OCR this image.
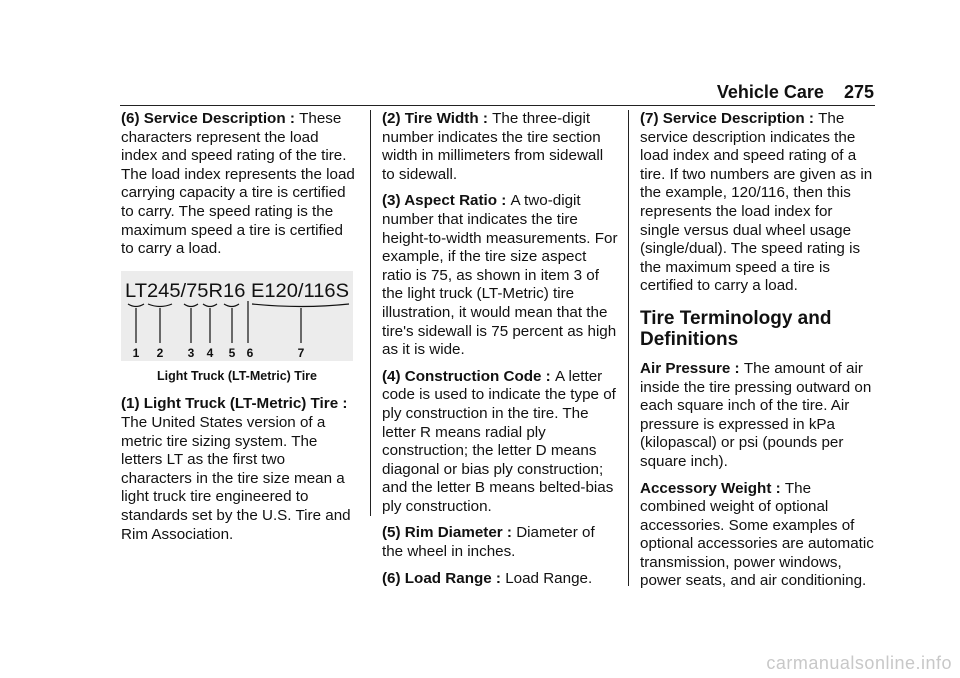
Vehicle Care 275

(6) Service Description : These characters represent the load index and speed rating of the tire. The load index represents the load carrying capacity a tire is certified to carry. The speed rating is the maximum speed a tire is certified to carry a load.

LT245/75R16 E120/116S
1 2 3 4 5 6	7
Light Truck (LT-Metric) Tire

(1) Light Truck (LT-Metric) Tire : The United States version of a metric tire sizing system. The letters LT as the first two characters in the tire size mean a light truck tire engineered to standards set by the U.S. Tire and Rim Association.

(2) Tire Width : The three-digit number indicates the tire section width in millimeters from sidewall to sidewall.

(3) Aspect Ratio : A two-digit number that indicates the tire height-to-width measurements. For example, if the tire size aspect ratio is 75, as shown in item 3 of the light truck (LT-Metric) tire illustration, it would mean that the tire's sidewall is 75 percent as high as it is wide.

(4) Construction Code : A letter code is used to indicate the type of ply construction in the tire. The letter R means radial ply construction; the letter D means diagonal or bias ply construction; and the letter B means belted-bias ply construction.

(5) Rim Diameter : Diameter of the wheel in inches.

(6) Load Range : Load Range.

(7) Service Description : The service description indicates the load index and speed rating of a tire. If two numbers are given as in the example, 120/116, then this represents the load index for single versus dual wheel usage (single/dual). The speed rating is the maximum speed a tire is certified to carry a load.

Tire Terminology and Definitions

Air Pressure : The amount of air inside the tire pressing outward on each square inch of the tire. Air pressure is expressed in kPa (kilopascal) or psi (pounds per square inch).

Accessory Weight : The combined weight of optional accessories. Some examples of optional accessories are automatic transmission, power windows, power seats, and air conditioning.

carmanualsonline.info
